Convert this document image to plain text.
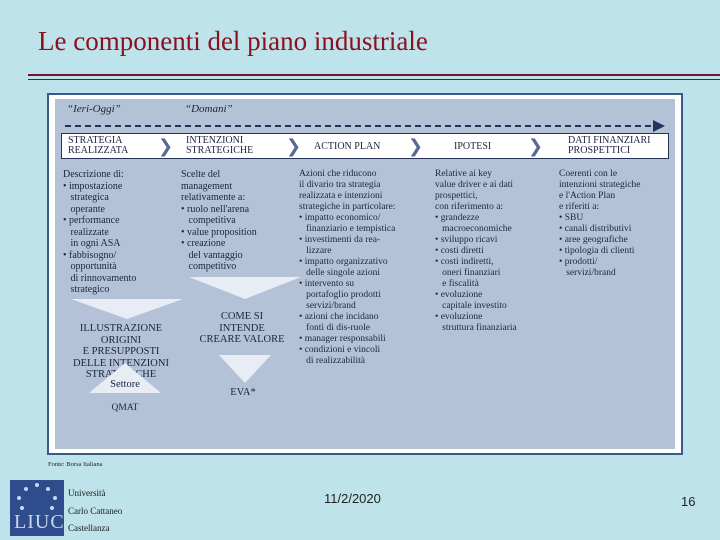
Le componenti del piano industriale
“Ieri-Oggi”	“Domani”
STRATEGIA
REALIZZATA ❯ INTENZIONI
STRATEGICHE ❯ ACTION PLAN ❯	IPOTESI ❯ DATI FINANZIARI
PROSPETTICI
Descrizione di:
• impostazione
strategica
operante
• performance
realizzate
in ogni ASA
• fabbisogno/
opportunità
di rinnovamento
strategico
Scelte del
management
relativamente a:
• ruolo nell'arena
competitiva
• value proposition
• creazione
del vantaggio
competitivo
Azioni che riducono
il divario tra strategia
realizzata e intenzioni
strategiche in particolare:
• impatto economico/
finanziario e tempistica
• investimenti da rea-
lizzare
• impatto organizzativo
delle singole azioni
• intervento su
portafoglio prodotti
servizi/brand
• azioni che incidano
fonti di dis-ruole
• manager responsabili
• condizioni e vincoli
di realizzabilità
Relative ai key
value driver e ai dati
prospettici,
con riferimento a:
• grandezze
macroeconomiche
• sviluppo ricavi
• costi diretti
• costi indiretti,
oneri finanziari
e fiscalità
• evoluzione
capitale investito
• evoluzione
struttura finanziaria
Coerenti con le
intenzioni strategiche
e l'Action Plan
e riferiti a:
• SBU
• canali distributivi
• aree geografiche
• tipologia di clienti
• prodotti/
servizi/brand
ILLUSTRAZIONE
ORIGINI
E PRESUPPOSTI
DELLE INTENZIONI
STRATEGICHE
COME SI
INTENDE
CREARE VALORE
EVA*
Settore
QMAT
Fonte: Borsa Italiana
LIUC
Università
Carlo Cattaneo
Castellanza
11/2/2020	16
